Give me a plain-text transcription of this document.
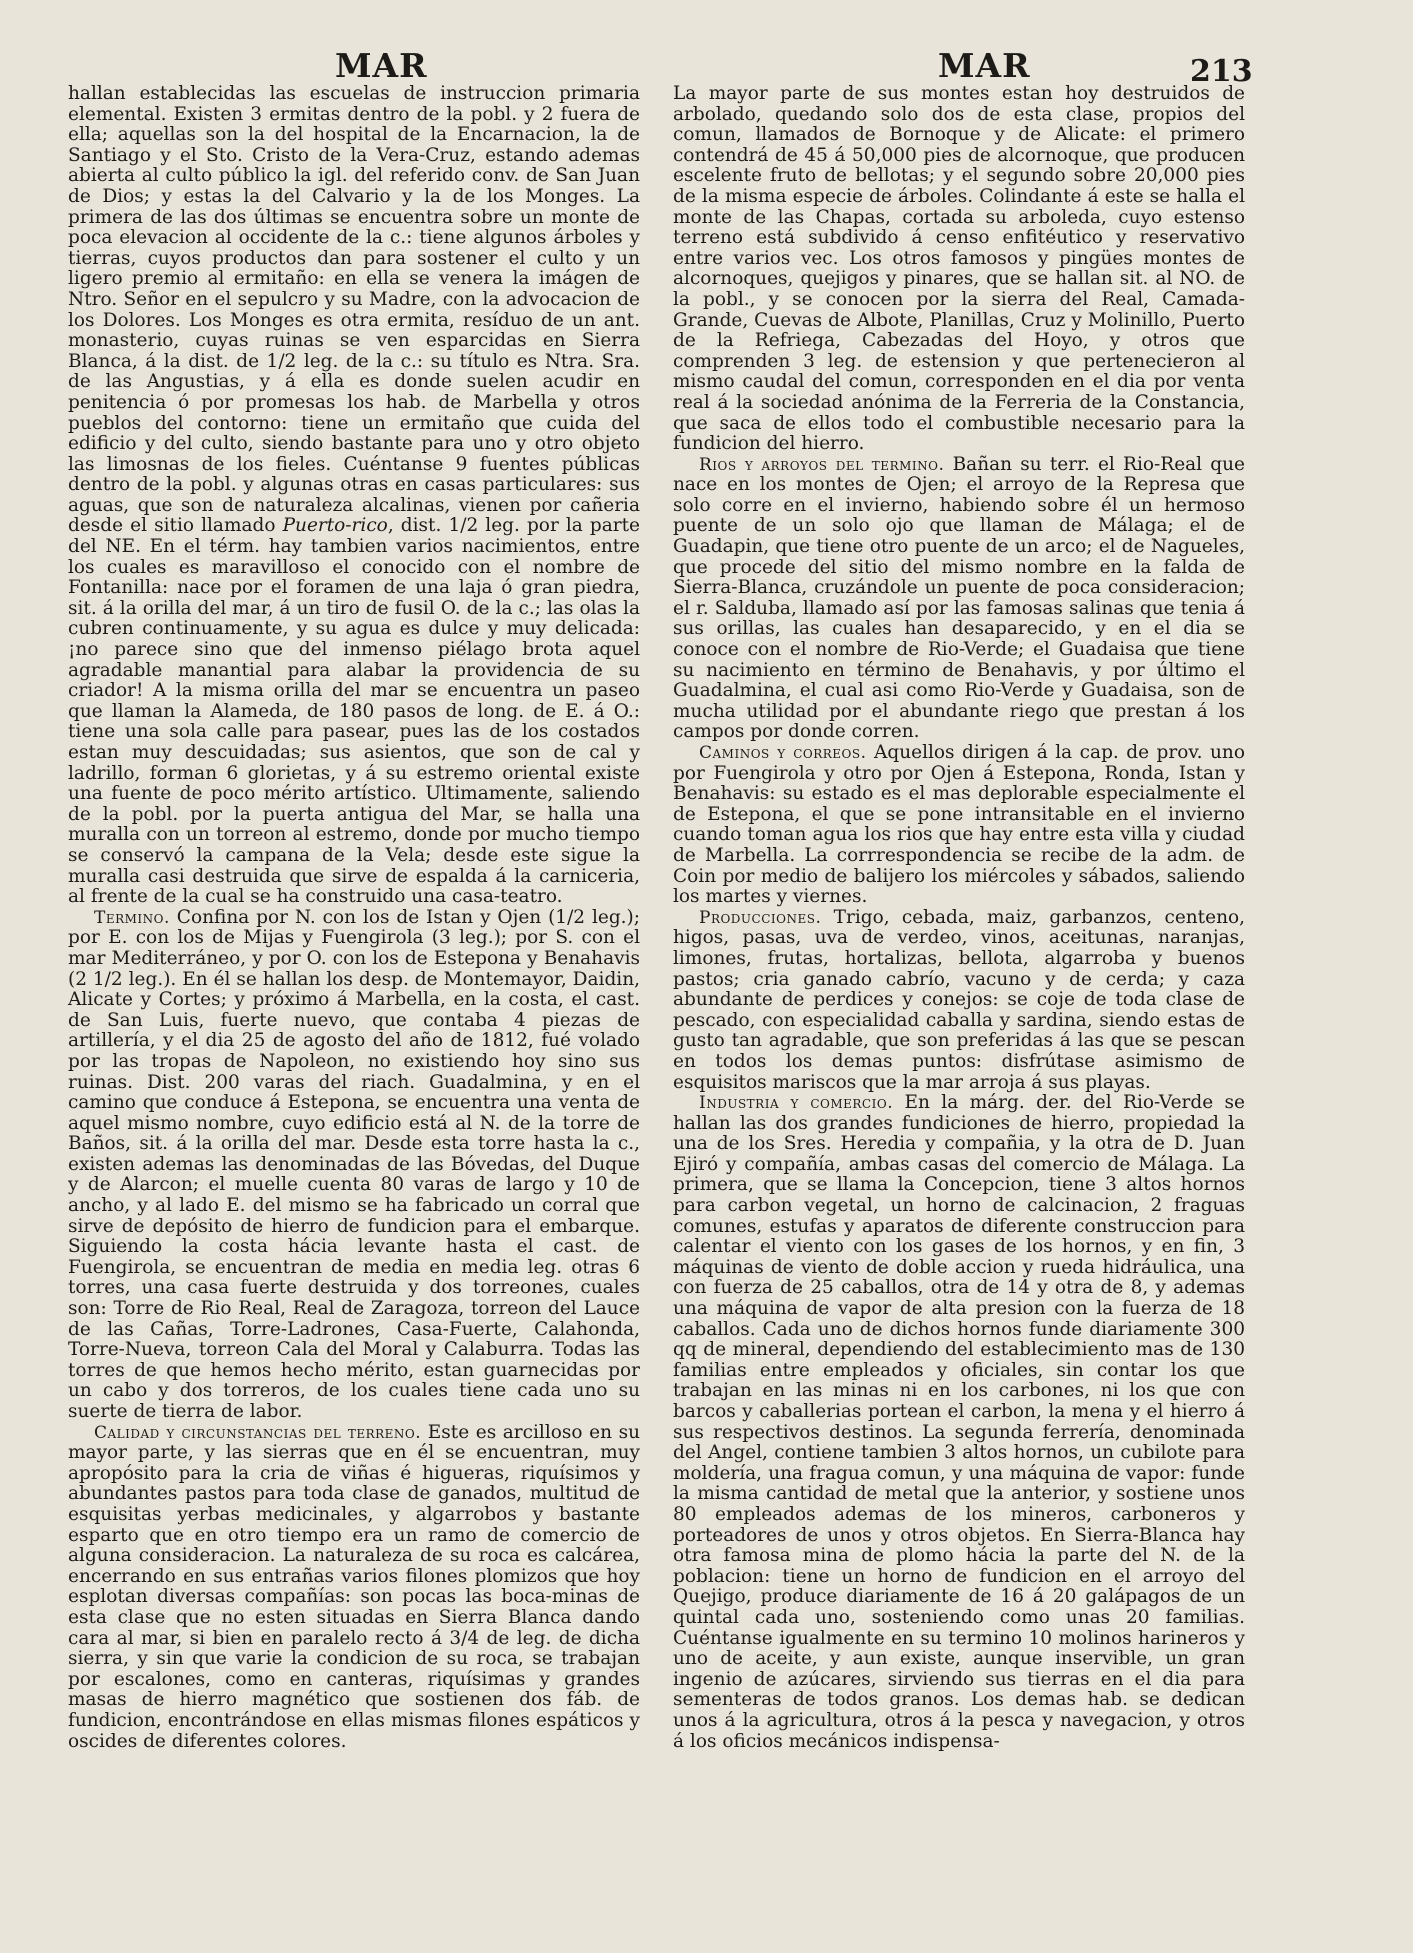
MAR	MAR	213

hallan establecidas las escuelas de instruccion primaria elemental. Existen 3 ermitas dentro de la pobl. y 2 fuera de ella; aquellas son la del hospital de la Encarnacion, la de Santiago y el Sto. Cristo de la Vera-Cruz, estando ademas abierta al culto público la igl. del referido conv. de San Juan de Dios; y estas la del Calvario y la de los Monges. La primera de las dos últimas se encuentra sobre un monte de poca elevacion al occidente de la c.: tiene algunos árboles y tierras, cuyos productos dan para sostener el culto y un ligero premio al ermitaño: en ella se venera la imágen de Ntro. Señor en el sepulcro y su Madre, con la advocacion de los Dolores. Los Monges es otra ermita, resíduo de un ant. monasterio, cuyas ruinas se ven esparcidas en Sierra Blanca, á la dist. de 1/2 leg. de la c.: su título es Ntra. Sra. de las Angustias, y á ella es donde suelen acudir en penitencia ó por promesas los hab. de Marbella y otros pueblos del contorno: tiene un ermitaño que cuida del edificio y del culto, siendo bastante para uno y otro objeto las limosnas de los fieles. Cuéntanse 9 fuentes públicas dentro de la pobl. y algunas otras en casas particulares: sus aguas, que son de naturaleza alcalinas, vienen por cañeria desde el sitio llamado Puerto-rico, dist. 1/2 leg. por la parte del NE. En el térm. hay tambien varios nacimientos, entre los cuales es maravilloso el conocido con el nombre de Fontanilla: nace por el foramen de una laja ó gran piedra, sit. á la orilla del mar, á un tiro de fusil O. de la c.; las olas la cubren continuamente, y su agua es dulce y muy delicada: ¡no parece sino que del inmenso piélago brota aquel agradable manantial para alabar la providencia de su criador! A la misma orilla del mar se encuentra un paseo que llaman la Alameda, de 180 pasos de long. de E. á O.: tiene una sola calle para pasear, pues las de los costados estan muy descuidadas; sus asientos, que son de cal y ladrillo, forman 6 glorietas, y á su estremo oriental existe una fuente de poco mérito artístico. Ultimamente, saliendo de la pobl. por la puerta antigua del Mar, se halla una muralla con un torreon al estremo, donde por mucho tiempo se conservó la campana de la Vela; desde este sigue la muralla casi destruida que sirve de espalda á la carniceria, al frente de la cual se ha construido una casa-teatro.

Termino. Confina por N. con los de Istan y Ojen (1/2 leg.); por E. con los de Mijas y Fuengirola (3 leg.); por S. con el mar Mediterráneo, y por O. con los de Estepona y Benahavis (2 1/2 leg.). En él se hallan los desp. de Montemayor, Daidin, Alicate y Cortes; y próximo á Marbella, en la costa, el cast. de San Luis, fuerte nuevo, que contaba 4 piezas de artillería, y el dia 25 de agosto del año de 1812, fué volado por las tropas de Napoleon, no existiendo hoy sino sus ruinas. Dist. 200 varas del riach. Guadalmina, y en el camino que conduce á Estepona, se encuentra una venta de aquel mismo nombre, cuyo edificio está al N. de la torre de Baños, sit. á la orilla del mar. Desde esta torre hasta la c., existen ademas las denominadas de las Bóvedas, del Duque y de Alarcon; el muelle cuenta 80 varas de largo y 10 de ancho, y al lado E. del mismo se ha fabricado un corral que sirve de depósito de hierro de fundicion para el embarque. Siguiendo la costa hácia levante hasta el cast. de Fuengirola, se encuentran de media en media leg. otras 6 torres, una casa fuerte destruida y dos torreones, cuales son: Torre de Rio Real, Real de Zaragoza, torreon del Lauce de las Cañas, Torre-Ladrones, Casa-Fuerte, Calahonda, Torre-Nueva, torreon Cala del Moral y Calaburra. Todas las torres de que hemos hecho mérito, estan guarnecidas por un cabo y dos torreros, de los cuales tiene cada uno su suerte de tierra de labor.

Calidad y circunstancias del terreno. Este es arcilloso en su mayor parte, y las sierras que en él se encuentran, muy apropósito para la cria de viñas é higueras, riquísimos y abundantes pastos para toda clase de ganados, multitud de esquisitas yerbas medicinales, y algarrobos y bastante esparto que en otro tiempo era un ramo de comercio de alguna consideracion. La naturaleza de su roca es calcárea, encerrando en sus entrañas varios filones plomizos que hoy esplotan diversas compañías: son pocas las boca-minas de esta clase que no esten situadas en Sierra Blanca dando cara al mar, si bien en paralelo recto á 3/4 de leg. de dicha sierra, y sin que varie la condicion de su roca, se trabajan por escalones, como en canteras, riquísimas y grandes masas de hierro magnético que sostienen dos fáb. de fundicion, encontrándose en ellas mismas filones espáticos y oscides de diferentes colores.

La mayor parte de sus montes estan hoy destruidos de arbolado, quedando solo dos de esta clase, propios del comun, llamados de Bornoque y de Alicate: el primero contendrá de 45 á 50,000 pies de alcornoque, que producen escelente fruto de bellotas; y el segundo sobre 20,000 pies de la misma especie de árboles. Colindante á este se halla el monte de las Chapas, cortada su arboleda, cuyo estenso terreno está subdivido á censo enfitéutico y reservativo entre varios vec. Los otros famosos y pingües montes de alcornoques, quejigos y pinares, que se hallan sit. al NO. de la pobl., y se conocen por la sierra del Real, Camada-Grande, Cuevas de Albote, Planillas, Cruz y Molinillo, Puerto de la Refriega, Cabezadas del Hoyo, y otros que comprenden 3 leg. de estension y que pertenecieron al mismo caudal del comun, corresponden en el dia por venta real á la sociedad anónima de la Ferreria de la Constancia, que saca de ellos todo el combustible necesario para la fundicion del hierro.

Rios y arroyos del termino. Bañan su terr. el Rio-Real que nace en los montes de Ojen; el arroyo de la Represa que solo corre en el invierno, habiendo sobre él un hermoso puente de un solo ojo que llaman de Málaga; el de Guadapin, que tiene otro puente de un arco; el de Nagueles, que procede del sitio del mismo nombre en la falda de Sierra-Blanca, cruzándole un puente de poca consideracion; el r. Salduba, llamado así por las famosas salinas que tenia á sus orillas, las cuales han desaparecido, y en el dia se conoce con el nombre de Rio-Verde; el Guadaisa que tiene su nacimiento en término de Benahavis, y por último el Guadalmina, el cual asi como Rio-Verde y Guadaisa, son de mucha utilidad por el abundante riego que prestan á los campos por donde corren.

Caminos y correos. Aquellos dirigen á la cap. de prov. uno por Fuengirola y otro por Ojen á Estepona, Ronda, Istan y Benahavis: su estado es el mas deplorable especialmente el de Estepona, el que se pone intransitable en el invierno cuando toman agua los rios que hay entre esta villa y ciudad de Marbella. La corrrespondencia se recibe de la adm. de Coin por medio de balijero los miércoles y sábados, saliendo los martes y viernes.

Producciones. Trigo, cebada, maiz, garbanzos, centeno, higos, pasas, uva de verdeo, vinos, aceitunas, naranjas, limones, frutas, hortalizas, bellota, algarroba y buenos pastos; cria ganado cabrío, vacuno y de cerda; y caza abundante de perdices y conejos: se coje de toda clase de pescado, con especialidad caballa y sardina, siendo estas de gusto tan agradable, que son preferidas á las que se pescan en todos los demas puntos: disfrútase asimismo de esquisitos mariscos que la mar arroja á sus playas.

Industria y comercio. En la márg. der. del Rio-Verde se hallan las dos grandes fundiciones de hierro, propiedad la una de los Sres. Heredia y compañia, y la otra de D. Juan Ejiró y compañía, ambas casas del comercio de Málaga. La primera, que se llama la Concepcion, tiene 3 altos hornos para carbon vegetal, un horno de calcinacion, 2 fraguas comunes, estufas y aparatos de diferente construccion para calentar el viento con los gases de los hornos, y en fin, 3 máquinas de viento de doble accion y rueda hidráulica, una con fuerza de 25 caballos, otra de 14 y otra de 8, y ademas una máquina de vapor de alta presion con la fuerza de 18 caballos. Cada uno de dichos hornos funde diariamente 300 qq de mineral, dependiendo del establecimiento mas de 130 familias entre empleados y oficiales, sin contar los que trabajan en las minas ni en los carbones, ni los que con barcos y caballerias portean el carbon, la mena y el hierro á sus respectivos destinos. La segunda ferrería, denominada del Angel, contiene tambien 3 altos hornos, un cubilote para moldería, una fragua comun, y una máquina de vapor: funde la misma cantidad de metal que la anterior, y sostiene unos 80 empleados ademas de los mineros, carboneros y porteadores de unos y otros objetos. En Sierra-Blanca hay otra famosa mina de plomo hácia la parte del N. de la poblacion: tiene un horno de fundicion en el arroyo del Quejigo, produce diariamente de 16 á 20 galápagos de un quintal cada uno, sosteniendo como unas 20 familias. Cuéntanse igualmente en su termino 10 molinos harineros y uno de aceite, y aun existe, aunque inservible, un gran ingenio de azúcares, sirviendo sus tierras en el dia para sementeras de todos granos. Los demas hab. se dedican unos á la agricultura, otros á la pesca y navegacion, y otros á los oficios mecánicos indispensa-
